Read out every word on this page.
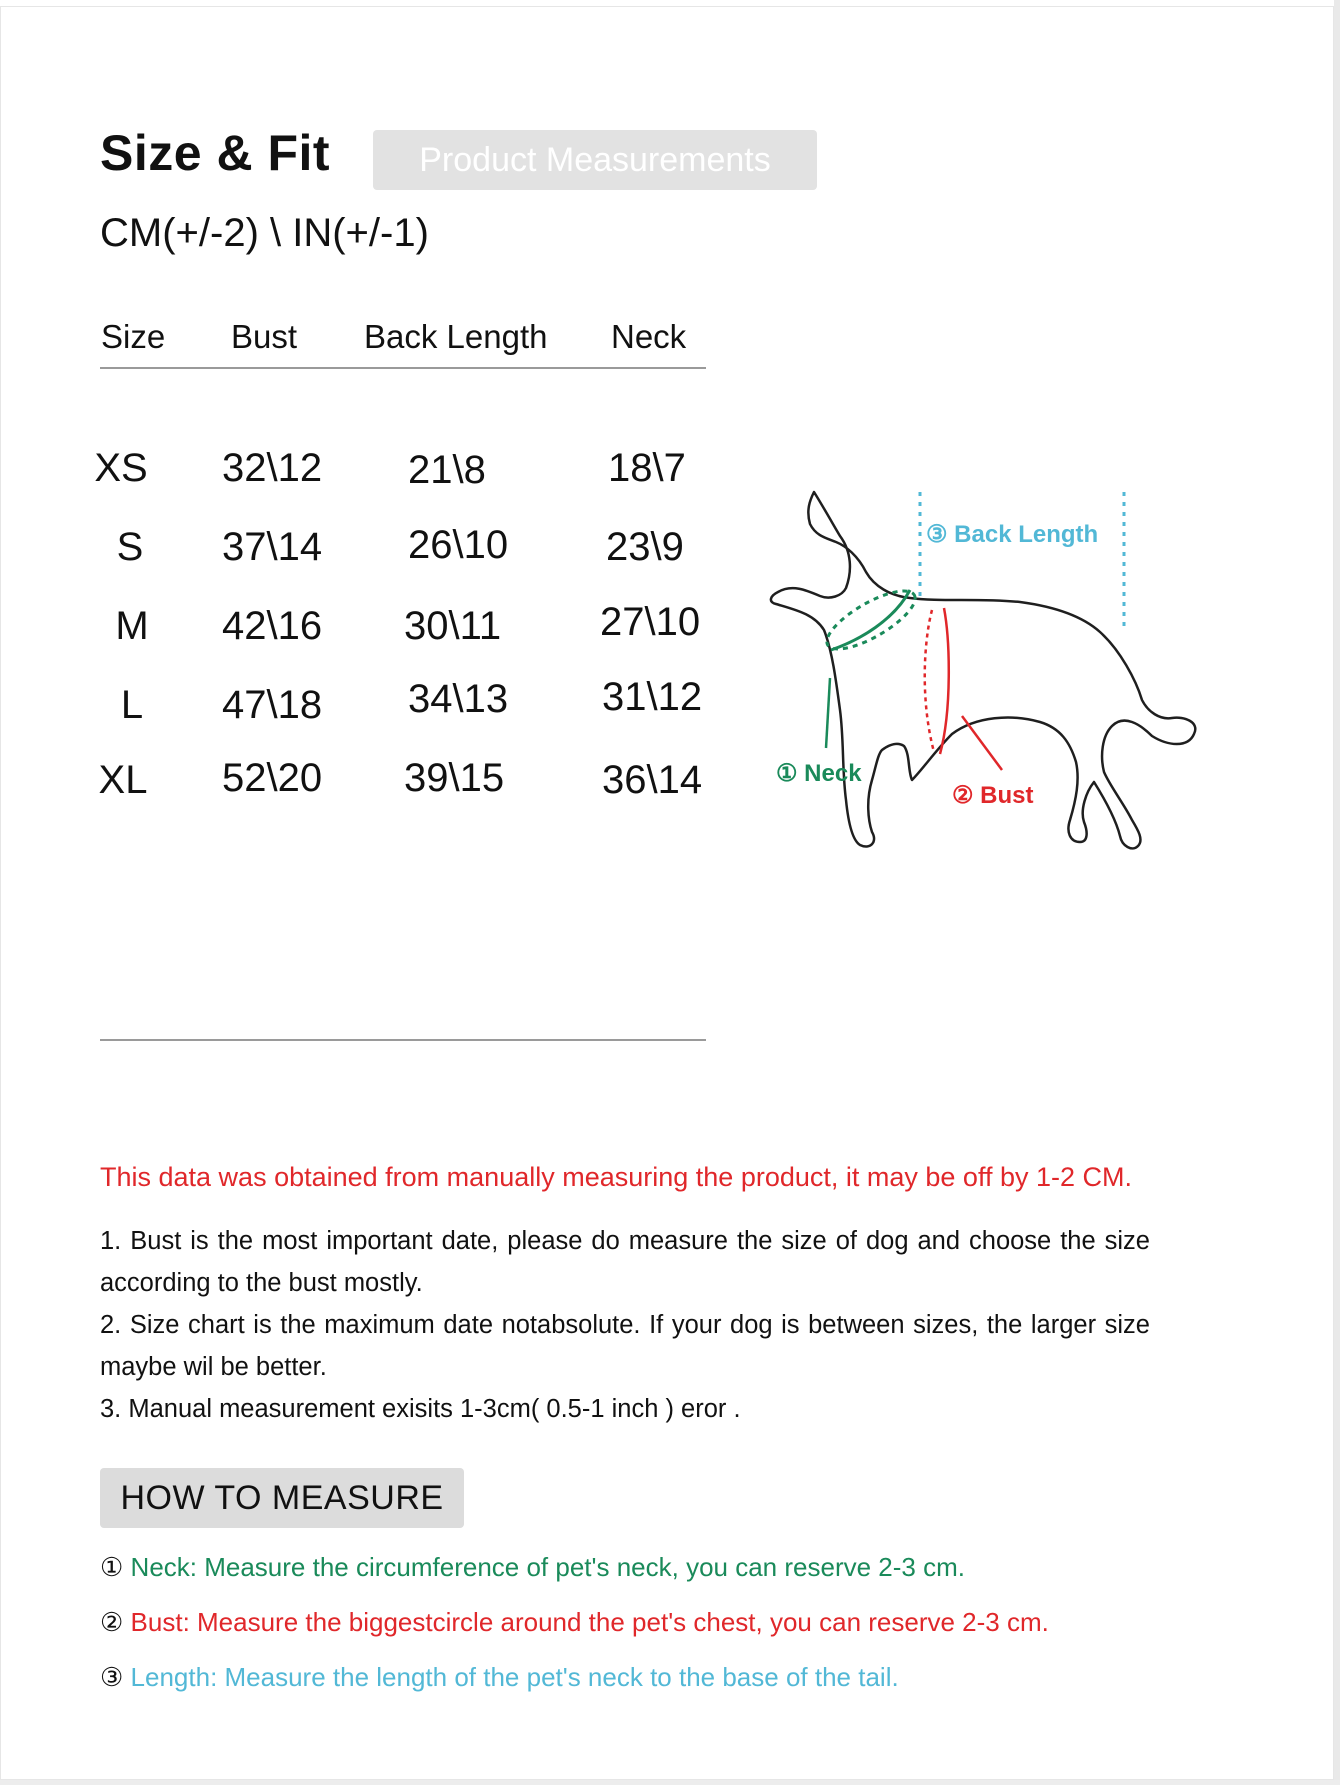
Size & Fit	Product Measurements
CM(+/-2) \ IN(+/-1)
Size Bust Back Length Neck
XS	32\12 21\8	18\7
S	37\14 26\10 23\9
M	42\16 30\11 27\10
L	47\18 34\13 31\12
XL	52\20 39\15 36\14
③ Back Length
① Neck
② Bust
This data was obtained from manually measuring the product, it may be off by 1-2 CM.

1. Bust is the most important date, please do measure the size of dog and choose the size according to the bust mostly.

2. Size chart is the maximum date notabsolute. If your dog is between sizes, the larger size maybe wil be better.

3. Manual measurement exisits 1-3cm( 0.5-1 inch ) eror .

HOW TO MEASURE
① Neck: Measure the circumference of pet's neck, you can reserve 2-3 cm.
② Bust: Measure the biggestcircle around the pet's chest, you can reserve 2-3 cm.
③ Length: Measure the length of the pet's neck to the base of the tail.
